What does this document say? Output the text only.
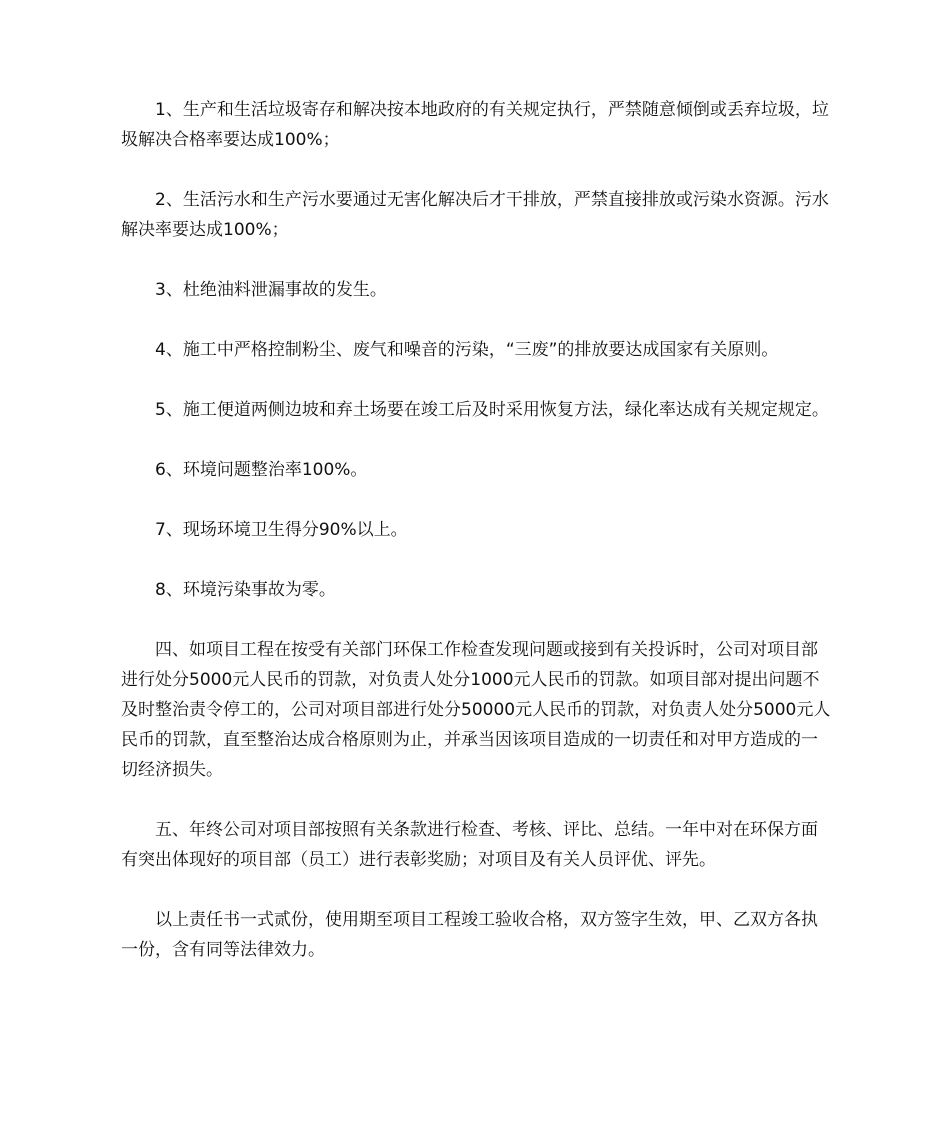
1、生产和生活垃圾寄存和解决按本地政府的有关规定执行，严禁随意倾倒或丢弃垃圾，垃圾解决合格率要达成100%；

2、生活污水和生产污水要通过无害化解决后才干排放，严禁直接排放或污染水资源。污水解决率要达成100%；

3、杜绝油料泄漏事故的发生。

4、施工中严格控制粉尘、废气和噪音的污染，“三废”的排放要达成国家有关原则。

5、施工便道两侧边坡和弃土场要在竣工后及时采用恢复方法，绿化率达成有关规定规定。

6、环境问题整治率100%。

7、现场环境卫生得分90%以上。

8、环境污染事故为零。

四、如项目工程在按受有关部门环保工作检查发现问题或接到有关投诉时，公司对项目部进行处分5000元人民币的罚款，对负责人处分1000元人民币的罚款。如项目部对提出问题不及时整治责令停工的，公司对项目部进行处分50000元人民币的罚款，对负责人处分5000元人民币的罚款，直至整治达成合格原则为止，并承当因该项目造成的一切责任和对甲方造成的一切经济损失。

五、年终公司对项目部按照有关条款进行检查、考核、评比、总结。一年中对在环保方面有突出体现好的项目部（员工）进行表彰奖励；对项目及有关人员评优、评先。

以上责任书一式贰份，使用期至项目工程竣工验收合格，双方签字生效，甲、乙双方各执一份，含有同等法律效力。
